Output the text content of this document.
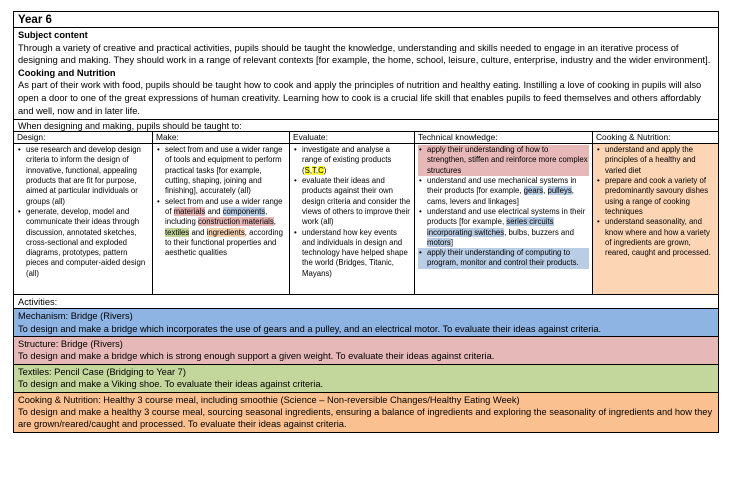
Year 6
Subject content
Through a variety of creative and practical activities, pupils should be taught the knowledge, understanding and skills needed to engage in an iterative process of designing and making. They should work in a range of relevant contexts [for example, the home, school, leisure, culture, enterprise, industry and the wider environment].
Cooking and Nutrition
As part of their work with food, pupils should be taught how to cook and apply the principles of nutrition and healthy eating. Instilling a love of cooking in pupils will also open a door to one of the great expressions of human creativity. Learning how to cook is a crucial life skill that enables pupils to feed themselves and others affordably and well, now and in later life.
When designing and making, pupils should be taught to:
Design:
• use research and develop design criteria to inform the design of innovative, functional, appealing products that are fit for purpose, aimed at particular individuals or groups (all)
• generate, develop, model and communicate their ideas through discussion, annotated sketches, cross-sectional and exploded diagrams, prototypes, pattern pieces and computer-aided design (all)
Make:
• select from and use a wider range of tools and equipment to perform practical tasks [for example, cutting, shaping, joining and finishing], accurately (all)
• select from and use a wider range of materials and components, including construction materials, textiles and ingredients, according to their functional properties and aesthetic qualities
Evaluate:
• investigate and analyse a range of existing products (S,T,C)
• evaluate their ideas and products against their own design criteria and consider the views of others to improve their work (all)
• understand how key events and individuals in design and technology have helped shape the world (Bridges, Titanic, Mayans)
Technical knowledge:
• apply their understanding of how to strengthen, stiffen and reinforce more complex structures
• understand and use mechanical systems in their products [for example, gears, pulleys, cams, levers and linkages]
• understand and use electrical systems in their products [for example, series circuits incorporating switches, bulbs, buzzers and motors]
• apply their understanding of computing to program, monitor and control their products.
Cooking & Nutrition:
• understand and apply the principles of a healthy and varied diet
• prepare and cook a variety of predominantly savoury dishes using a range of cooking techniques
• understand seasonality, and know where and how a variety of ingredients are grown, reared, caught and processed.
Activities:
Mechanism: Bridge (Rivers)
To design and make a bridge which incorporates the use of gears and a pulley, and an electrical motor. To evaluate their ideas against criteria.
Structure: Bridge (Rivers)
To design and make a bridge which is strong enough support a given weight. To evaluate their ideas against criteria.
Textiles: Pencil Case (Bridging to Year 7)
To design and make a Viking shoe. To evaluate their ideas against criteria.
Cooking & Nutrition: Healthy 3 course meal, including smoothie (Science – Non-reversible Changes/Healthy Eating Week)
To design and make a healthy 3 course meal, sourcing seasonal ingredients, ensuring a balance of ingredients and exploring the seasonality of ingredients and how they are grown/reared/caught and processed. To evaluate their ideas against criteria.
